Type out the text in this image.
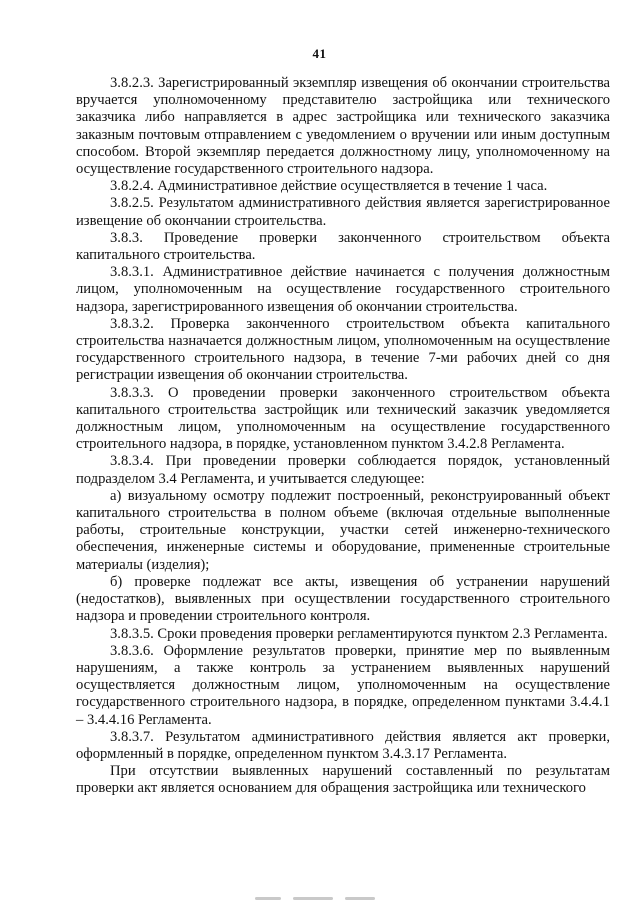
41

3.8.2.3. Зарегистрированный экземпляр извещения об окончании строительства вручается уполномоченному представителю застройщика или технического заказчика либо направляется в адрес застройщика или технического заказчика заказным почтовым отправлением с уведомлением о вручении или иным доступным способом. Второй экземпляр передается должностному лицу, уполномоченному на осуществление государственного строительного надзора.

3.8.2.4. Административное действие осуществляется в течение 1 часа.

3.8.2.5. Результатом административного действия является зарегистрированное извещение об окончании строительства.

3.8.3. Проведение проверки законченного строительством объекта капитального строительства.

3.8.3.1. Административное действие начинается с получения должностным лицом, уполномоченным на осуществление государственного строительного надзора, зарегистрированного извещения об окончании строительства.

3.8.3.2. Проверка законченного строительством объекта капитального строительства назначается должностным лицом, уполномоченным на осуществление государственного строительного надзора, в течение 7-ми рабочих дней со дня регистрации извещения об окончании строительства.

3.8.3.3. О проведении проверки законченного строительством объекта капитального строительства застройщик или технический заказчик уведомляется должностным лицом, уполномоченным на осуществление государственного строительного надзора, в порядке, установленном пунктом 3.4.2.8 Регламента.

3.8.3.4. При проведении проверки соблюдается порядок, установленный подразделом 3.4 Регламента, и учитывается следующее:

а) визуальному осмотру подлежит построенный, реконструированный объект капитального строительства в полном объеме (включая отдельные выполненные работы, строительные конструкции, участки сетей инженерно-технического обеспечения, инженерные системы и оборудование, примененные строительные материалы (изделия);

б) проверке подлежат все акты, извещения об устранении нарушений (недостатков), выявленных при осуществлении государственного строительного надзора и проведении строительного контроля.

3.8.3.5. Сроки проведения проверки регламентируются пунктом 2.3 Регламента.

3.8.3.6. Оформление результатов проверки, принятие мер по выявленным нарушениям, а также контроль за устранением выявленных нарушений осуществляется должностным лицом, уполномоченным на осуществление государственного строительного надзора, в порядке, определенном пунктами 3.4.4.1 – 3.4.4.16 Регламента.

3.8.3.7. Результатом административного действия является акт проверки, оформленный в порядке, определенном пунктом 3.4.3.17 Регламента.

При отсутствии выявленных нарушений составленный по результатам проверки акт является основанием для обращения застройщика или технического
